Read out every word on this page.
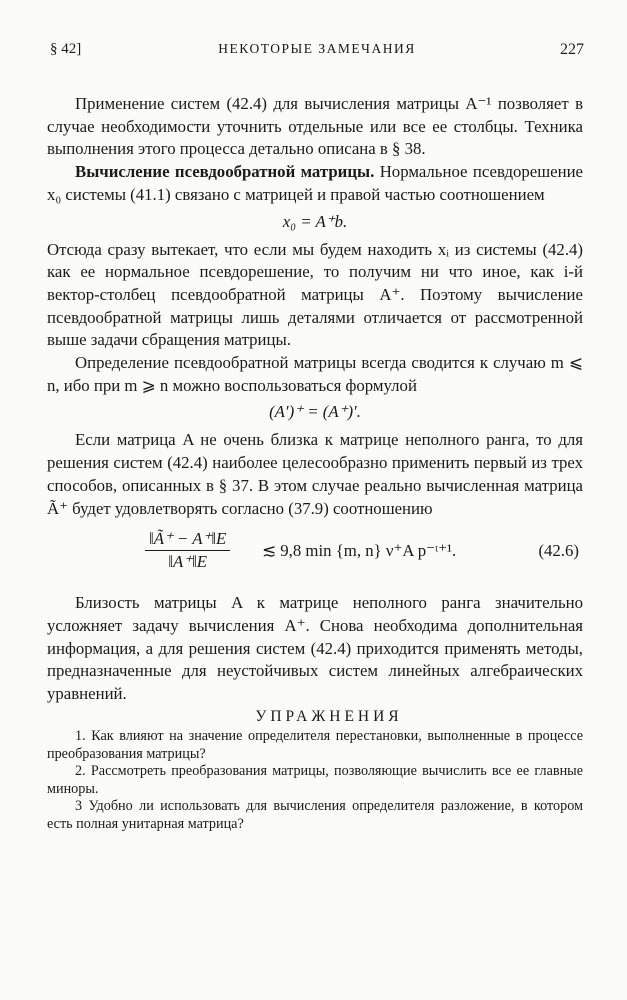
§ 42]	НЕКОТОРЫЕ ЗАМЕЧАНИЯ	227

Применение систем (42.4) для вычисления матрицы A⁻¹ позволяет в случае необходимости уточнить отдельные или все ее столбцы. Техника выполнения этого процесса детально описана в § 38.

Вычисление псевдообратной матрицы. Нормальное псевдорешение x₀ системы (41.1) связано с матрицей и правой частью соотношением

x₀ = A⁺b.

Отсюда сразу вытекает, что если мы будем находить xᵢ из системы (42.4) как ее нормальное псевдорешение, то получим ни что иное, как i-й вектор-столбец псевдообратной матрицы A⁺. Поэтому вычисление псевдообратной матрицы лишь деталями отличается от рассмотренной выше задачи сбращения матрицы.

Определение псевдообратной матрицы всегда сводится к случаю m ⩽ n, ибо при m ⩾ n можно воспользоваться формулой

(A′)⁺ = (A⁺)′.

Если матрица A не очень близка к матрице неполного ранга, то для решения систем (42.4) наиболее целесообразно применить первый из трех способов, описанных в § 37. В этом случае реально вычисленная матрица Ã⁺ будет удовлетворять согласно (37.9) соотношению

$\frac{‖Ã^+ - A^+‖E}{‖A^+‖E}$ ≲ 9,8 min {m, n} ν⁺A p⁻ᵗ⁺¹.	(42.6)

Близость матрицы A к матрице неполного ранга значительно усложняет задачу вычисления A⁺. Снова необходима дополнительная информация, а для решения систем (42.4) приходится применять методы, предназначенные для неустойчивых систем линейных алгебраических уравнений.

УПРАЖНЕНИЯ

1. Как влияют на значение определителя перестановки, выполненные в процессе преобразования матрицы?

2. Рассмотреть преобразования матрицы, позволяющие вычислить все ее главные миноры.

3 Удобно ли использовать для вычисления определителя разложение, в котором есть полная унитарная матрица?
